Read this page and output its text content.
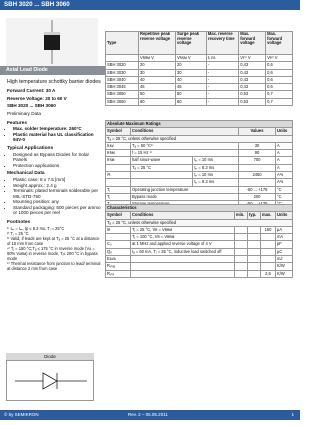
SBH 3020 ... SBH 3060
Axial Lead Diode
High temperature schottky barrier diodes
Forward Current: 30 A
Reverse Voltage: 20 to 60 V
SBH 3020 ... SBH 3060
Preliminary Data
Features
• Max. solder temperature: 260°C
• Plastic material has UL classification 94V-0
Typical Applications
• Designed as Bypass Diodes for Solar Panels
• Protection applications
Mechanical Data
• Plastic case: 8 x 7.5 [mm]
• Weight approx.: 2.4 g
• Terminals: plated terminals solderable per MIL-STD-750
• Mounting position: any
• Standard packaging: 500 pieces per ammo or 1000 pieces per reel
Footnotes
¹⁾ Iₘ = Iₘ, tp ≤ 8.3 ms, Tⱼ = 25°C
²⁾ Tⱼ = 25 °C
³⁾ Valid, if leads are kept at Tₐ = 25 °C at a distance of 10 mm from case
⁴⁾ Tⱼ = 150 °C;Tₐ ≤ 175 °C in reverse mode (Vᴀ = 60% Vᴀʀᴍ) in reverse mode, Tⱼ≤ 200 °C in bypass mode
⁵⁾ Thermal resistance from junction to lead/ terminal at distance 2 mm from case
Diode
Type	Repetitive peak reverse voltage	Surge peak reverse voltage	Max. reverse recovery time	Max. forward voltage	Max. forward voltage
	Vʀʀᴍ V	Vʀsᴍ V	tᵣ ns	Vғ¹⁾ V	Vғ²⁾ V
SBH 3020	20	20	-	0,43	0,6
SBH 3030	30	30	-	0,43	0,6
SBH 3040	40	40	-	0,43	0,6
SBH 3045	45	45	-	0,43	0,6
SBH 3050	50	50	-	0,53	0,7
SBH 3060	60	60	-	0,53	0,7
Absolute Maximum Ratings				
Symbol	Conditions		Values	Units
Tₐ = 25 °C, unless otherwise specified				
Iғᴀᴠ	Tₐ = 50 °C¹⁾		30	A
Iғʀᴍ	f = 15 Hz ¹⁾		90	A
Iғsᴍ	half sinus-wave	tₚ = 10 ms	700	A
	Tₐ = 25 °C	tₚ = 8.3 ms		A
i²t		tₚ = 10 ms	2450	A²s
		tₚ = 8.3 ms		A²s
Tⱼ	Operating junction temperature		-50 ... +175	°C
Tⱼ	Bypass mode		200	°C

Characteristics					
Symbol	Conditions	min.	typ.	max.	Units
Tₐ = 25 °C, unless otherwise specified					
Iʀ	Tⱼ = 25 °C, Vʀ = Vʀʀᴍ			150	µA
	Tⱼ = 100 °C, Vʀ = Vʀʀᴍ				mA
C₀	at 1 MHz and applied reverse voltage of 4 V				pF
Qᵣᵣ	Iₐ = 60 mA, Tⱼ = 25 °C, inductive load switched off				µC
Eᴀᴠᴀ					mJ
Rₜₕⱼₐ					K/W
Rₜₕⱼₗ				2,5	K/W
© by SEMIKRON	Rev. 2 – 06.05.2011	1
